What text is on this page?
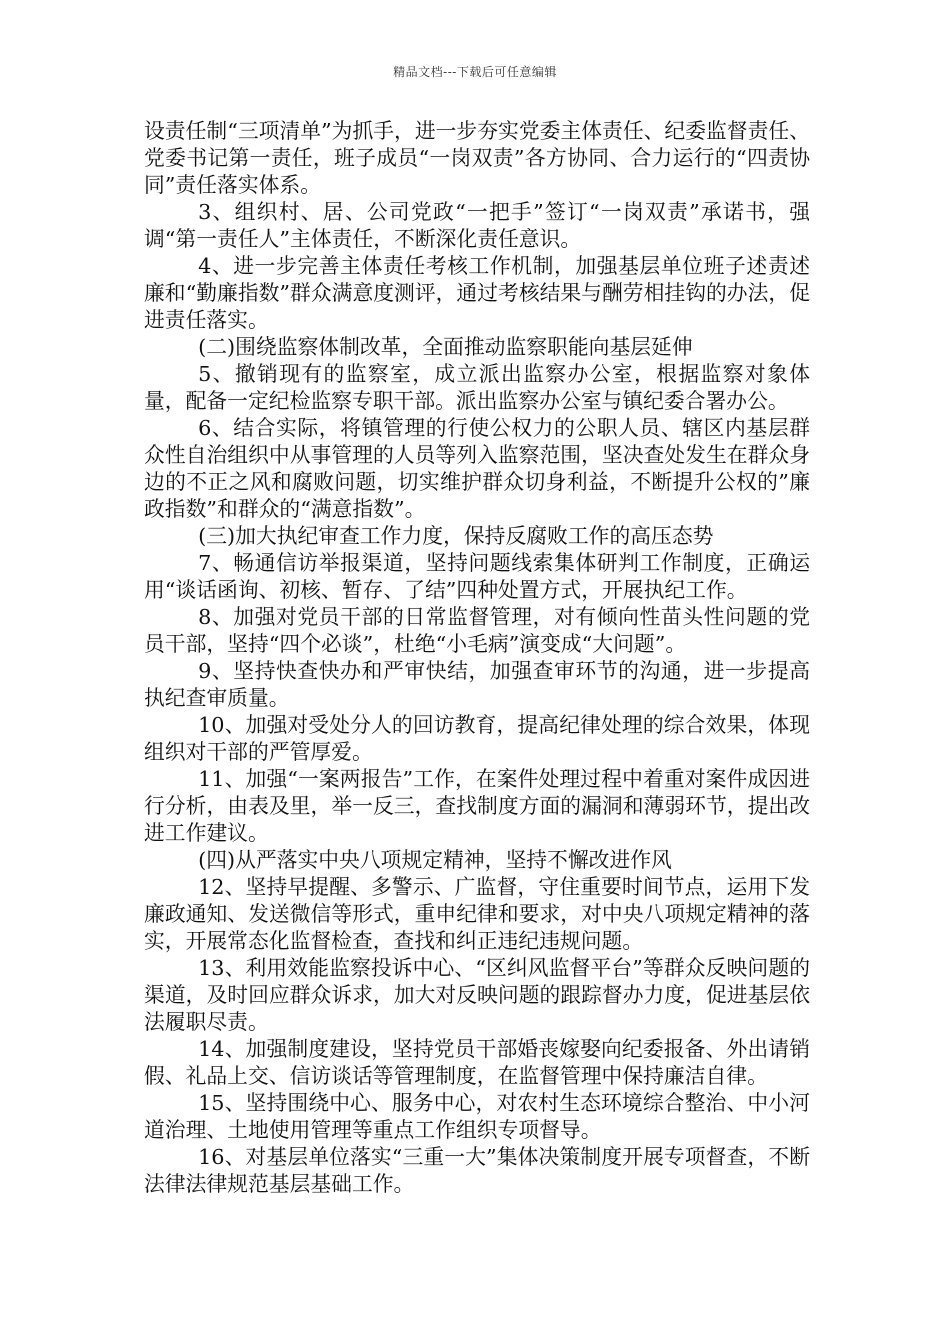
精品文档---下载后可任意编辑

设责任制“三项清单”为抓手，进一步夯实党委主体责任、纪委监督责任、党委书记第一责任，班子成员“一岗双责”各方协同、合力运行的“四责协同”责任落实体系。

3、组织村、居、公司党政“一把手”签订“一岗双责”承诺书，强调“第一责任人”主体责任，不断深化责任意识。

4、进一步完善主体责任考核工作机制，加强基层单位班子述责述廉和“勤廉指数”群众满意度测评，通过考核结果与酬劳相挂钩的办法，促进责任落实。

(二)围绕监察体制改革，全面推动监察职能向基层延伸

5、撤销现有的监察室，成立派出监察办公室，根据监察对象体量，配备一定纪检监察专职干部。派出监察办公室与镇纪委合署办公。

6、结合实际，将镇管理的行使公权力的公职人员、辖区内基层群众性自治组织中从事管理的人员等列入监察范围，坚决查处发生在群众身边的不正之风和腐败问题，切实维护群众切身利益，不断提升公权的”廉政指数”和群众的“满意指数”。

(三)加大执纪审查工作力度，保持反腐败工作的高压态势

7、畅通信访举报渠道，坚持问题线索集体研判工作制度，正确运用“谈话函询、初核、暂存、了结”四种处置方式，开展执纪工作。

8、加强对党员干部的日常监督管理，对有倾向性苗头性问题的党员干部，坚持“四个必谈”，杜绝“小毛病”演变成“大问题”。

9、坚持快查快办和严审快结，加强查审环节的沟通，进一步提高执纪查审质量。

10、加强对受处分人的回访教育，提高纪律处理的综合效果，体现组织对干部的严管厚爱。

11、加强“一案两报告”工作，在案件处理过程中着重对案件成因进行分析，由表及里，举一反三，查找制度方面的漏洞和薄弱环节，提出改进工作建议。

(四)从严落实中央八项规定精神，坚持不懈改进作风

12、坚持早提醒、多警示、广监督，守住重要时间节点，运用下发廉政通知、发送微信等形式，重申纪律和要求，对中央八项规定精神的落实，开展常态化监督检查，查找和纠正违纪违规问题。

13、利用效能监察投诉中心、“区纠风监督平台”等群众反映问题的渠道，及时回应群众诉求，加大对反映问题的跟踪督办力度，促进基层依法履职尽责。

14、加强制度建设，坚持党员干部婚丧嫁娶向纪委报备、外出请销假、礼品上交、信访谈话等管理制度，在监督管理中保持廉洁自律。

15、坚持围绕中心、服务中心，对农村生态环境综合整治、中小河道治理、土地使用管理等重点工作组织专项督导。

16、对基层单位落实“三重一大”集体决策制度开展专项督查，不断法律法律规范基层基础工作。
